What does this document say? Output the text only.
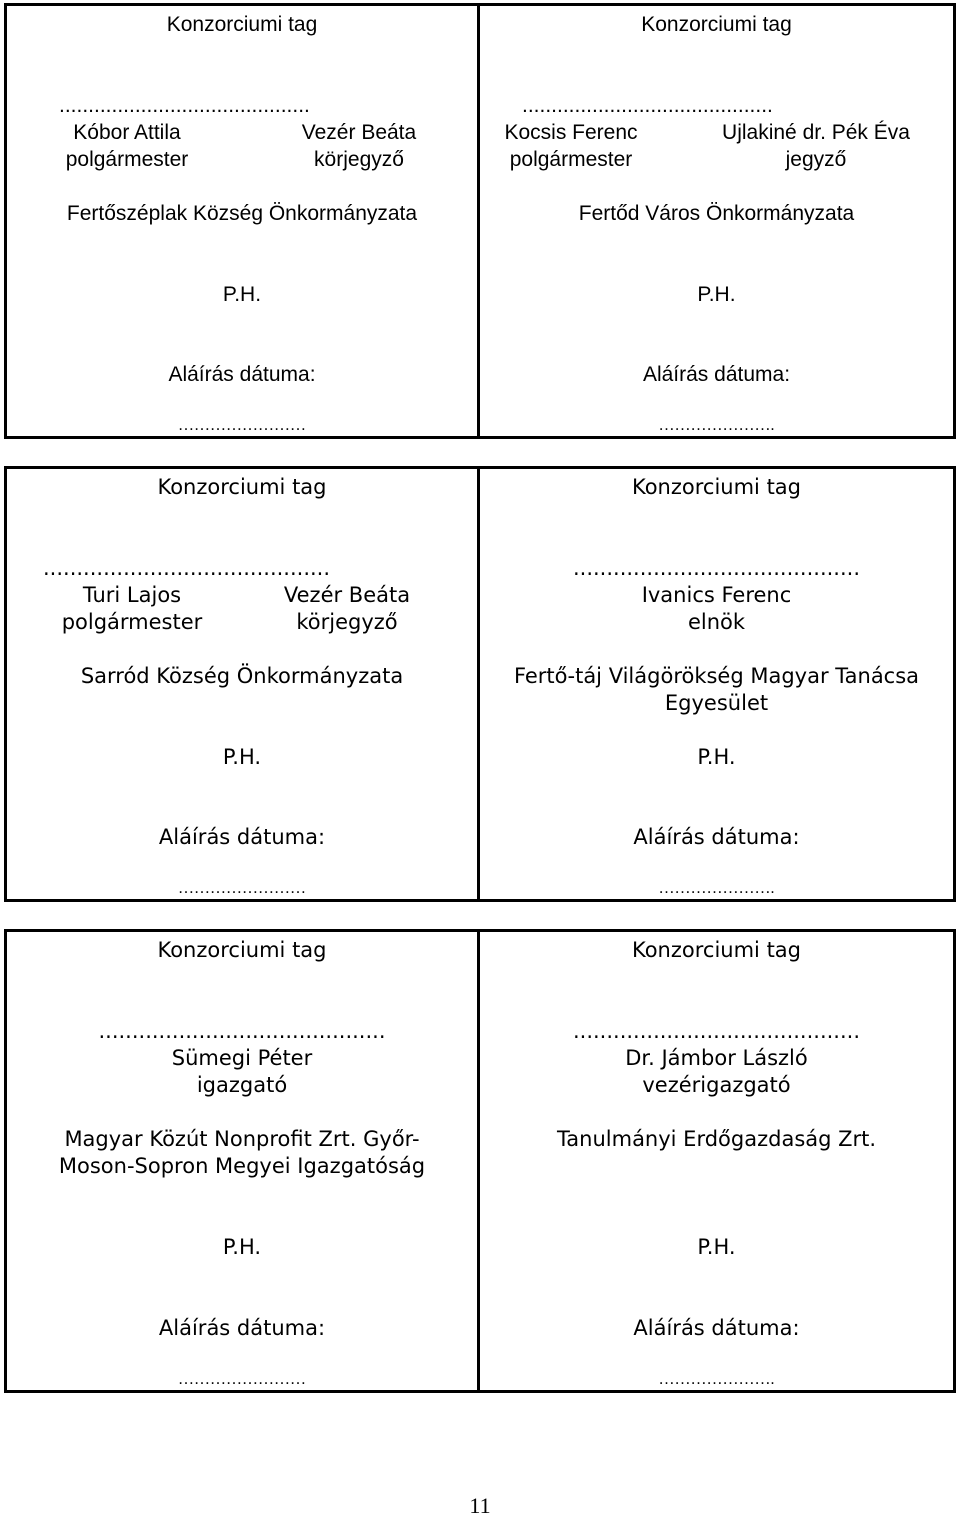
Konzorciumi tag
...........................................
Kóbor Attila
polgármester
Vezér Beáta
körjegyző
Fertőszéplak Község Önkormányzata
P.H.
Aláírás dátuma:
……………………
Konzorciumi tag
...........................................
Kocsis Ferenc
polgármester
Ujlakiné dr. Pék Éva
jegyző
Fertőd Város Önkormányzata
P.H.
Aláírás dátuma:
………………….
Konzorciumi tag
...........................................
Turi Lajos
polgármester
Vezér Beáta
körjegyző
Sarród Község Önkormányzata
P.H.
Aláírás dátuma:
……………………
Konzorciumi tag
...........................................
Ivanics Ferenc
elnök
Fertő-táj Világörökség Magyar Tanácsa
Egyesület
P.H.
Aláírás dátuma:
………………….
Konzorciumi tag
...........................................
Sümegi Péter
igazgató
Magyar Közút Nonprofit Zrt. Győr-
Moson-Sopron Megyei Igazgatóság
P.H.
Aláírás dátuma:
……………………
Konzorciumi tag
...........................................
Dr. Jámbor László
vezérigazgató
Tanulmányi Erdőgazdaság Zrt.
P.H.
Aláírás dátuma:
………………….
11
